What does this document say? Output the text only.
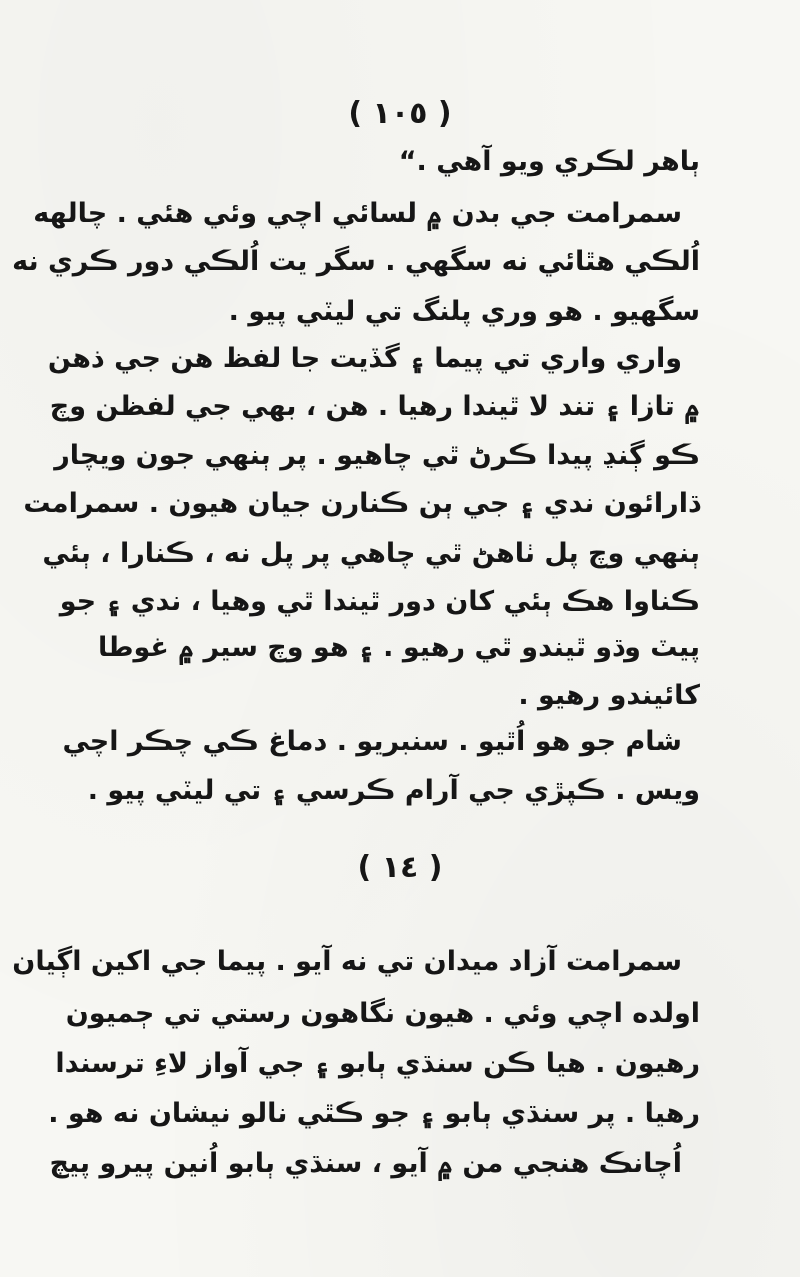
( ١٠٥ )
ٻاهر لڪري ويو آهي .“
سمرامت جي بدن ۾ لسائي اچي وئي هئي . چالهه
اُلڪي هٿائي نه سگهي . سگر يت اُلڪي دور ڪري نه
سگهيو . هو وري پلنگ تي ليٽي پيو .
واري واري تي پيما ۽ گڏيت جا لفظ هن جي ذهن
۾ تازا ۽ تند لا ٿيندا رهيا . هن ، بهي جي لفظن وچ
ڪو ڳنڍ پيدا ڪرڻ ٿي چاهيو . پر ٻنهي جون ويچار
ڌارائون ندي ۽ جي ٻن ڪنارن جيان هيون . سمرامت
ٻنهي وچ پل ٺاهڻ ٿي چاهي پر پل نه ، ڪنارا ، ٻئي
ڪناوا هڪ ٻئي کان دور ٿيندا ٿي وهيا ، ندي ۽ جو
پيٽ وڌو ٿيندو ٿي رهيو . ۽ هو وچ سير ۾ غوطا
کائيندو رهيو .
شام جو هو اُٿيو . سنبريو . دماغ ڪي چڪر اچي
ويس . ڪپڙي جي آرام ڪرسي ۽ تي ليٽي پيو .
( ١٤ )
سمرامت آزاد ميدان تي نه آيو . پيما جي اکين اڳيان
اولده اچي وئي . هيون نگاهون رستي تي ڄميون
رهيون . هيا ڪن سنڌي ٻابو ۽ جي آواز لاءِ ترسندا
رهيا . پر سنڌي ٻابو ۽ جو ڪٿي نالو نيشان نه هو .
اُچانڪ هنجي من ۾ آيو ، سنڌي ٻابو اُنين پيرو پيچ
